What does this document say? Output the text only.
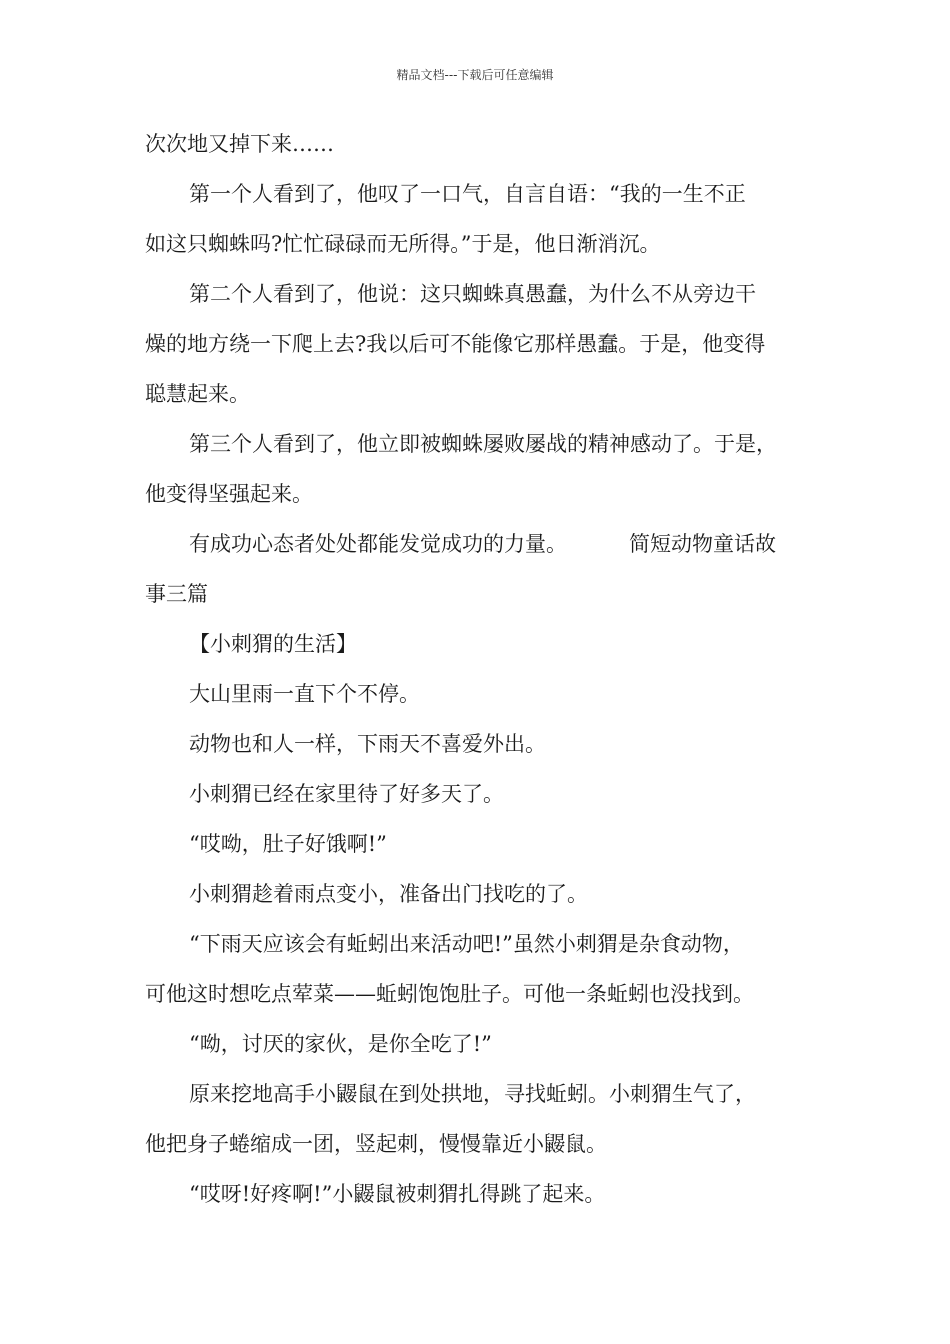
精品文档---下载后可任意编辑
次次地又掉下来……
第一个人看到了，他叹了一口气，自言自语：“我的一生不正
如这只蜘蛛吗?忙忙碌碌而无所得。”于是，他日渐消沉。
第二个人看到了，他说：这只蜘蛛真愚蠢，为什么不从旁边干
燥的地方绕一下爬上去?我以后可不能像它那样愚蠢。于是，他变得
聪慧起来。
第三个人看到了，他立即被蜘蛛屡败屡战的精神感动了。于是，
他变得坚强起来。
有成功心态者处处都能发觉成功的力量。	简短动物童话故
事三篇
【小刺猬的生活】
大山里雨一直下个不停。
动物也和人一样，下雨天不喜爱外出。
小刺猬已经在家里待了好多天了。
“哎呦，肚子好饿啊!”
小刺猬趁着雨点变小，准备出门找吃的了。
“下雨天应该会有蚯蚓出来活动吧!”虽然小刺猬是杂食动物，
可他这时想吃点荤菜——蚯蚓饱饱肚子。可他一条蚯蚓也没找到。
“呦，讨厌的家伙，是你全吃了!”
原来挖地高手小鼹鼠在到处拱地，寻找蚯蚓。小刺猬生气了，
他把身子蜷缩成一团，竖起刺，慢慢靠近小鼹鼠。
“哎呀!好疼啊!”小鼹鼠被刺猬扎得跳了起来。
